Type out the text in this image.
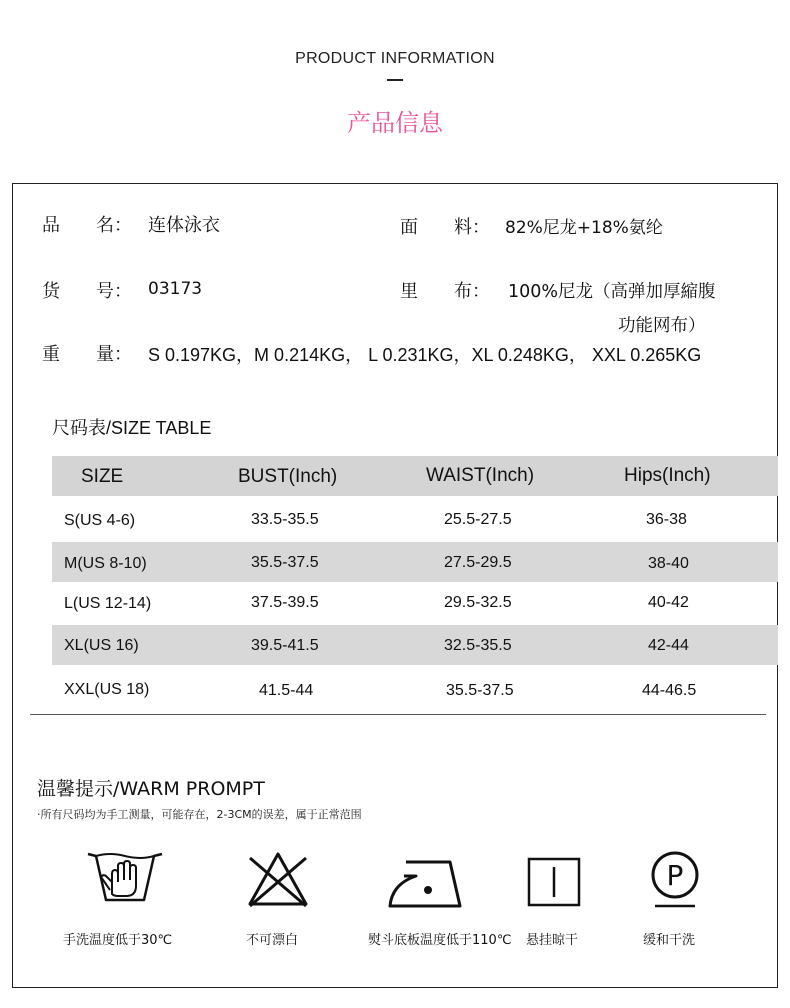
PRODUCT INFORMATION
产品信息
品　　名： 连体泳衣	面　　料： 82%尼龙+18%氨纶
货　　号： 03173	里　　布： 100%尼龙（高弹加厚縮腹
功能网布）
重　　量： S 0.197KG，M 0.214KG， L 0.231KG，XL 0.248KG， XXL 0.265KG
尺码表/SIZE TABLE
SIZE	BUST(Inch)	WAIST(Inch)	Hips(Inch)
S(US 4-6)	33.5-35.5	25.5-27.5	36-38
M(US 8-10)	35.5-37.5	27.5-29.5	38-40
L(US 12-14)	37.5-39.5	29.5-32.5	40-42
XL(US 16)	39.5-41.5	32.5-35.5	42-44
XXL(US 18)	41.5-44	35.5-37.5	44-46.5
温馨提示/WARM PROMPT
·所有尺码均为手工测量，可能存在，2-3CM的误差，属于正常范围
手洗温度低于30℃	不可漂白	熨斗底板温度低于110℃ 悬挂晾干
P
缓和干洗
